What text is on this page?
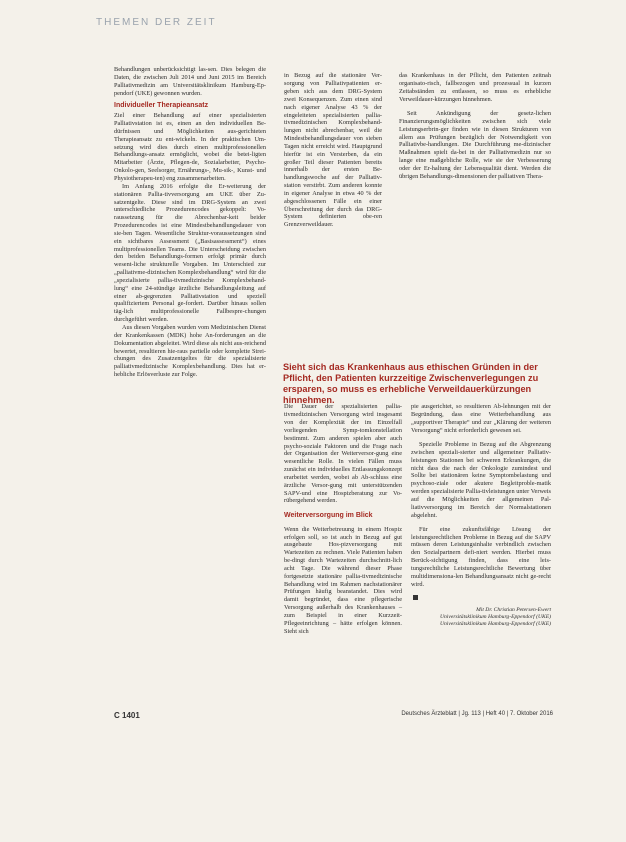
THEMEN DER ZEIT

Behandlungen unberücksichtigt las-sen. Dies belegen die Daten, die zwischen Juli 2014 und Juni 2015 im Bereich Palliativmedizin am Universitätsklinikum Hamburg-Ep-pendorf (UKE) gewonnen wurden.

Individueller Therapieansatz

Ziel einer Behandlung auf einer spezialisierten Palliativstation ist es, einen an den individuellen Be-dürfnissen und Möglichkeiten aus-gerichteten Therapieansatz zu ent-wickeln. In der praktischen Um-setzung wird dies durch einen multiprofessionellen Behandlungs-ansatz ermöglicht, wobei die betei-ligten Mitarbeiter (Ärzte, Pflegen-de, Sozialarbeiter, Psycho-Onkolo-gen, Seelsorger, Ernährungs-, Mu-sik-, Kunst- und Physiotherapeu-ten) eng zusammenarbeiten.

Im Anfang 2016 erfolgte die Er-weiterung der stationären Pallia-tivversorgung am UKE über Zu-satzentgelte. Diese sind im DRG-System an zwei unterschiedliche Prozedurencodes gekoppelt: Vo-raussetzung für die Abrechenbar-keit beider Prozedurencodes ist eine Mindestbehandlungsdauer von sie-ben Tagen. Wesentliche Struktur-voraussetzungen sind ein sichtbares Assessment („Basisassessment“) eines multiprofessionellen Teams. Die Unterscheidung zwischen den beiden Behandlungs-formen erfolgt primär durch wesent-liche strukturelle Vorgaben. Im Unterschied zur „palliativme-dizinischen Komplexbehandlung“ wird für die „spezialisierte pallia-tivmedizinische Komplexbehand-lung“ eine 24-stündige ärztliche Behandlungsleitung auf einer ab-gegrenzten Palliativstation und speziell qualifiziertem Personal ge-fordert. Darüber hinaus sollen täg-lich multiprofessionelle Fallbespre-chungen durchgeführt werden.

Aus diesen Vorgaben wurden vom Medizinischen Dienst der Krankenkassen (MDK) hohe An-forderungen an die Dokumentation abgeleitet. Wird diese als nicht aus-reichend bewertet, resultieren hie-raus partielle oder komplette Strei-chungen des Zusatzentgeltes für die spezialisierte palliativmedizinische Komplexbehandlung. Dies hat er-hebliche Erlösverluste zur Folge.

in Bezug auf die stationäre Ver-sorgung von Palliativpatienten er-geben sich aus dem DRG-System zwei Konsequenzen. Zum einen sind nach eigener Analyse 43 % der eingeleiteten spezialisierten pallia-tivmedizinischen Komplexbehand-lungen nicht abrechenbar, weil die Mindestbehandlungsdauer von sieben Tagen nicht erreicht wird. Hauptgrund hierfür ist ein Versterben, da ein großer Teil dieser Patienten bereits innerhalb der ersten Be-handlungswoche auf der Palliativ-station verstirbt. Zum anderen konnte in eigener Analyse in etwa 40 % der abgeschlossenen Fälle ein einer Überschreitung der durch das DRG-System definierten obe-ren Grenzverweildauer.

das Krankenhaus in der Pflicht, den Patienten zeitnah organisato-risch, fallbezogen und prozessual in kurzen Zeitabständen zu entlassen, so muss es erhebliche Verweildauer-kürzungen hinnehmen.

Seit Ankündigung der gesetz-lichen Finanzierungsmöglichkeiten zwischen sich viele Leistungserbrin-ger finden wie in diesen Strukturen von allem aus Prüfungen bezüglich der Notwendigkeit von Palliativbe-handlungen. Die Durchführung me-dizinischer Maßnahmen spielt da-bei in der Palliativmedizin nur so lange eine maßgebliche Rolle, wie sie der Verbesserung oder der Er-haltung der Lebensqualität dient. Werden die übrigen Behandlungs-dimensionen der palliativen Thera-

Sieht sich das Krankenhaus aus ethischen Gründen in der Pflicht, den Patienten kurzzeitige Zwischenverlegungen zu ersparen, so muss es erhebliche Verweildauerkürzungen hinnehmen.

Die Dauer der spezialisierten pallia-tivmedizinischen Versorgung wird insgesamt von der Komplexität der im Einzelfall vorliegenden Symp-tomkonstellation bestimmt. Zum anderen spielen aber auch psycho-soziale Faktoren und die Frage nach der Organisation der Weiterversor-gung eine wesentliche Rolle. In vielen Fällen muss zunächst ein individuelles Entlassungskonzept erarbeitet werden, wobei ab Ab-schluss eine ärztliche Versor-gung mit unterstützenden SAPV-und eine Hospizberatung zur Vo-rübergehend werden.

Weiterversorgung im Blick

Wenn die Weiterbetreuung in einem Hospiz erfolgen soll, so ist auch in Bezug auf gut ausgebaute Hos-pizversorgung mit Wartezeiten zu rechnen. Viele Patienten haben be-dingt durch Wartezeiten durchschnitt-lich acht Tage. Die während dieser Phase fortgesetzte stationäre pallia-tivmedizinische Behandlung wird im Rahmen nachstationärer Prüfungen häufig beanstandet. Dies wird damit begründet, dass eine pflegerische Versorgung außerhalb des Krankenhauses – zum Beispiel in einer Kurzzeit-Pflegeeinrichtung – hätte erfolgen können. Sieht sich

pie ausgerichtet, so resultieren Ab-lehnungen mit der Begründung, dass eine Weiterbehandlung aus „supportiver Therapie“ und zur „Klärung der weiteren Versorgung“ nicht erforderlich gewesen sei.

Spezielle Probleme in Bezug auf die Abgrenzung zwischen speziali-sierter und allgemeiner Palliativ-leistungen Stationen bei schweren Erkrankungen, die nicht dass die nach der Onkologie zumindest und Sollte bei stationären keine Symptombelastung und psychoso-ziale oder akutere Begleitproble-matik werden spezialisierte Pallia-tivleistungen unter Verweis auf die Möglichkeiten der allgemeinen Pal-liativversorgung im Bereich der Normalstationen abgelehnt.

Für eine zukunftsfähige Lösung der leistungsrechtlichen Probleme in Bezug auf die SAPV müssen deren Leistungsinhalte verbindlich zwischen den Sozialpartnern defi-niert werden. Hierbei muss Berück-sichtigung finden, dass eine leis-tungsrechtliche Leistungsrechtliche Bewertung über multidimensiona-len Behandlungsansatz nicht ge-recht wird.

Mit Dr. Christian Petersen-Ewert
Universitätsklinikum Hamburg-Eppendorf (UKE)
Universitätsklinikum Hamburg-Eppendorf (UKE)
C 1401	Deutsches Ärzteblatt | Jg. 113 | Heft 40 | 7. Oktober 2016
